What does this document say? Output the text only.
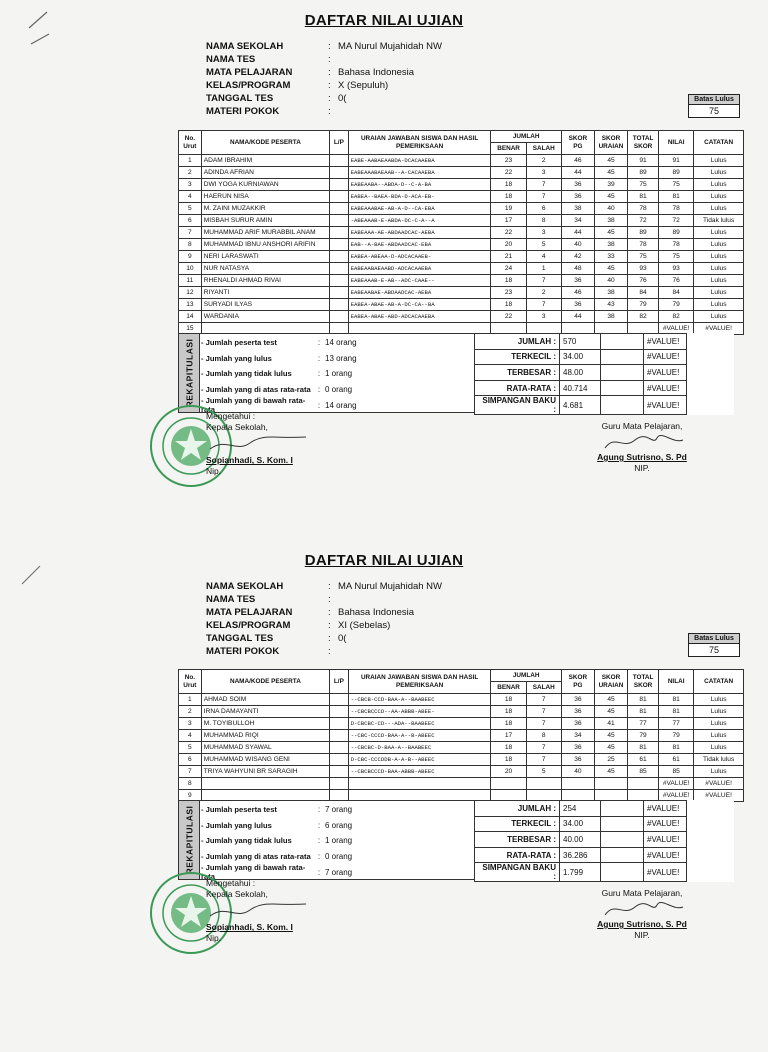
DAFTAR NILAI UJIAN
NAMA SEKOLAH	: MA Nurul Mujahidah NW
NAMA TES	:
MATA PELAJARAN	: Bahasa Indonesia
KELAS/PROGRAM	: X (Sepuluh)
TANGGAL TES	: 0(
MATERI POKOK	:
Batas Lulus
75
No. Urut	NAMA/KODE PESERTA	L/P	URAIAN JAWABAN SISWA DAN HASIL PEMERIKSAAN	JUMLAH		SKOR PG	SKOR URAIAN	TOTAL SKOR	NILAI	CATATAN
				BENAR	SALAH					
1	ADAM IBRAHIM		EABE-AABAEAABDA-DCACAAEBA	23	2	46	45	91	91	Lulus
2	ADINDA AFRIAN		EABEAAABAEAAB--A-CACAAEBA	22	3	44	45	89	89	Lulus
3	DWI YOGA KURNIAWAN		EABEAABA--ABDA-D--C-A-BA	18	7	36	39	75	75	Lulus
4	HAERUN NISA		EABEA--BAEA-BDA-D-ACA-EB-	18	7	36	45	81	81	Lulus
5	M. ZAINI MUZAKKIR		EABEAAABAE-AB-A-D--CA-EBA	19	6	38	40	78	78	Lulus
6	MISBAH SURUR AMIN		-ABEAAAB-E-ABDA-DC-C-A--A	17	8	34	38	72	72	Tidak lulus
7	MUHAMMAD ARIF MURABBIL ANAM		EABEAAA-AE-ABDAADCAC-AEBA	22	3	44	45	89	89	Lulus
8	MUHAMMAD IBNU ANSHORI ARIFIN		EAB--A-BAE-ABDAADCAC-EBA	20	5	40	38	78	78	Lulus
9	NERI LARASWATI		EABEA-ABEAA-D-ADCACAAEB-	21	4	42	33	75	75	Lulus
10	NUR NATASYA		EABEAABAEAABD-ADCACAAEBA	24	1	48	45	93	93	Lulus
11	RHENALDI AHMAD RIVAI		EABEAAAB-E-AB--ADC-CAAE--	18	7	36	40	76	76	Lulus
12	RIYANTI		EABEAABAE-ABDAADCAC-AEBA	23	2	46	38	84	84	Lulus
13	SURYADI ILYAS		EABEA-ABAE-AB-A-DC-CA--BA	18	7	36	43	79	79	Lulus
14	WARDANIA		EABEA-ABAE-ABD-ADCACAAEBA	22	3	44	38	82	82	Lulus
15									#VALUE!	#VALUE!
REKAPITULASI - Jumlah peserta test	: 14 orang
- Jumlah yang lulus	: 13 orang
- Jumlah yang tidak lulus	: 1 orang
- Jumlah yang di atas rata-rata : 0 orang
- Jumlah yang di bawah rata-rata	: 14 orang
JUMLAH :	570		#VALUE!	
TERKECIL :	34.00		#VALUE!	
TERBESAR :	48.00		#VALUE!	
RATA-RATA :	40.714		#VALUE!	
SIMPANGAN BAKU :	4.681		#VALUE!	
Mengetahui :
Kepala Sekolah,
Sopianhadi, S. Kom. I
Nip.
Guru Mata Pelajaran,
Agung Sutrisno, S. Pd
NIP.
DAFTAR NILAI UJIAN
NAMA SEKOLAH	: MA Nurul Mujahidah NW
NAMA TES	:
MATA PELAJARAN	: Bahasa Indonesia
KELAS/PROGRAM	: XI (Sebelas)
TANGGAL TES	: 0(
MATERI POKOK	:
Batas Lulus
75
No. Urut	NAMA/KODE PESERTA	L/P	URAIAN JAWABAN SISWA DAN HASIL PEMERIKSAAN	JUMLAH		SKOR PG	SKOR URAIAN	TOTAL SKOR	NILAI	CATATAN
				BENAR	SALAH					
1	AHMAD SOIM		--CBCB-CCD-BAA-A--BAABEEC	18	7	36	45	81	81	Lulus
2	IRNA DAMAYANTI		--CBCBCCCD--AA-ABBB-ABEE-	18	7	36	45	81	81	Lulus
3	M. TOYIBULLOH		D-CBCBC-CD---ADA--BAABEEC	18	7	36	41	77	77	Lulus
4	MUHAMMAD RIQI		--CBC-CCCD-BAA-A--B-ABEEC	17	8	34	45	79	79	Lulus
5	MUHAMMAD SYAWAL		--CBCBC-D-BAA-A--BAABEEC	18	7	36	45	81	81	Lulus
6	MUHAMMAD WISANG GENI		D-CBC-CCCDDB-A-A-B--ABEEC	18	7	36	25	61	61	Tidak lulus
7	TRIYA WAHYUNI BR SARAGIH		--CBCBCCCD-BAA-ABBB-ABEEC	20	5	40	45	85	85	Lulus
8									#VALUE!	#VALUE!
9									#VALUE!	#VALUE!
REKAPITULASI - Jumlah peserta test	: 7 orang
- Jumlah yang lulus	: 6 orang
- Jumlah yang tidak lulus	: 1 orang
- Jumlah yang di atas rata-rata : 0 orang
- Jumlah yang di bawah rata-rata	: 7 orang
JUMLAH :	254		#VALUE!	
TERKECIL :	34.00		#VALUE!	
TERBESAR :	40.00		#VALUE!	
RATA-RATA :	36.286		#VALUE!	
SIMPANGAN BAKU :	1.799		#VALUE!	
Mengetahui :
Kepala Sekolah,
Sopianhadi, S. Kom. I
Nip.
Guru Mata Pelajaran,
Agung Sutrisno, S. Pd
NIP.
